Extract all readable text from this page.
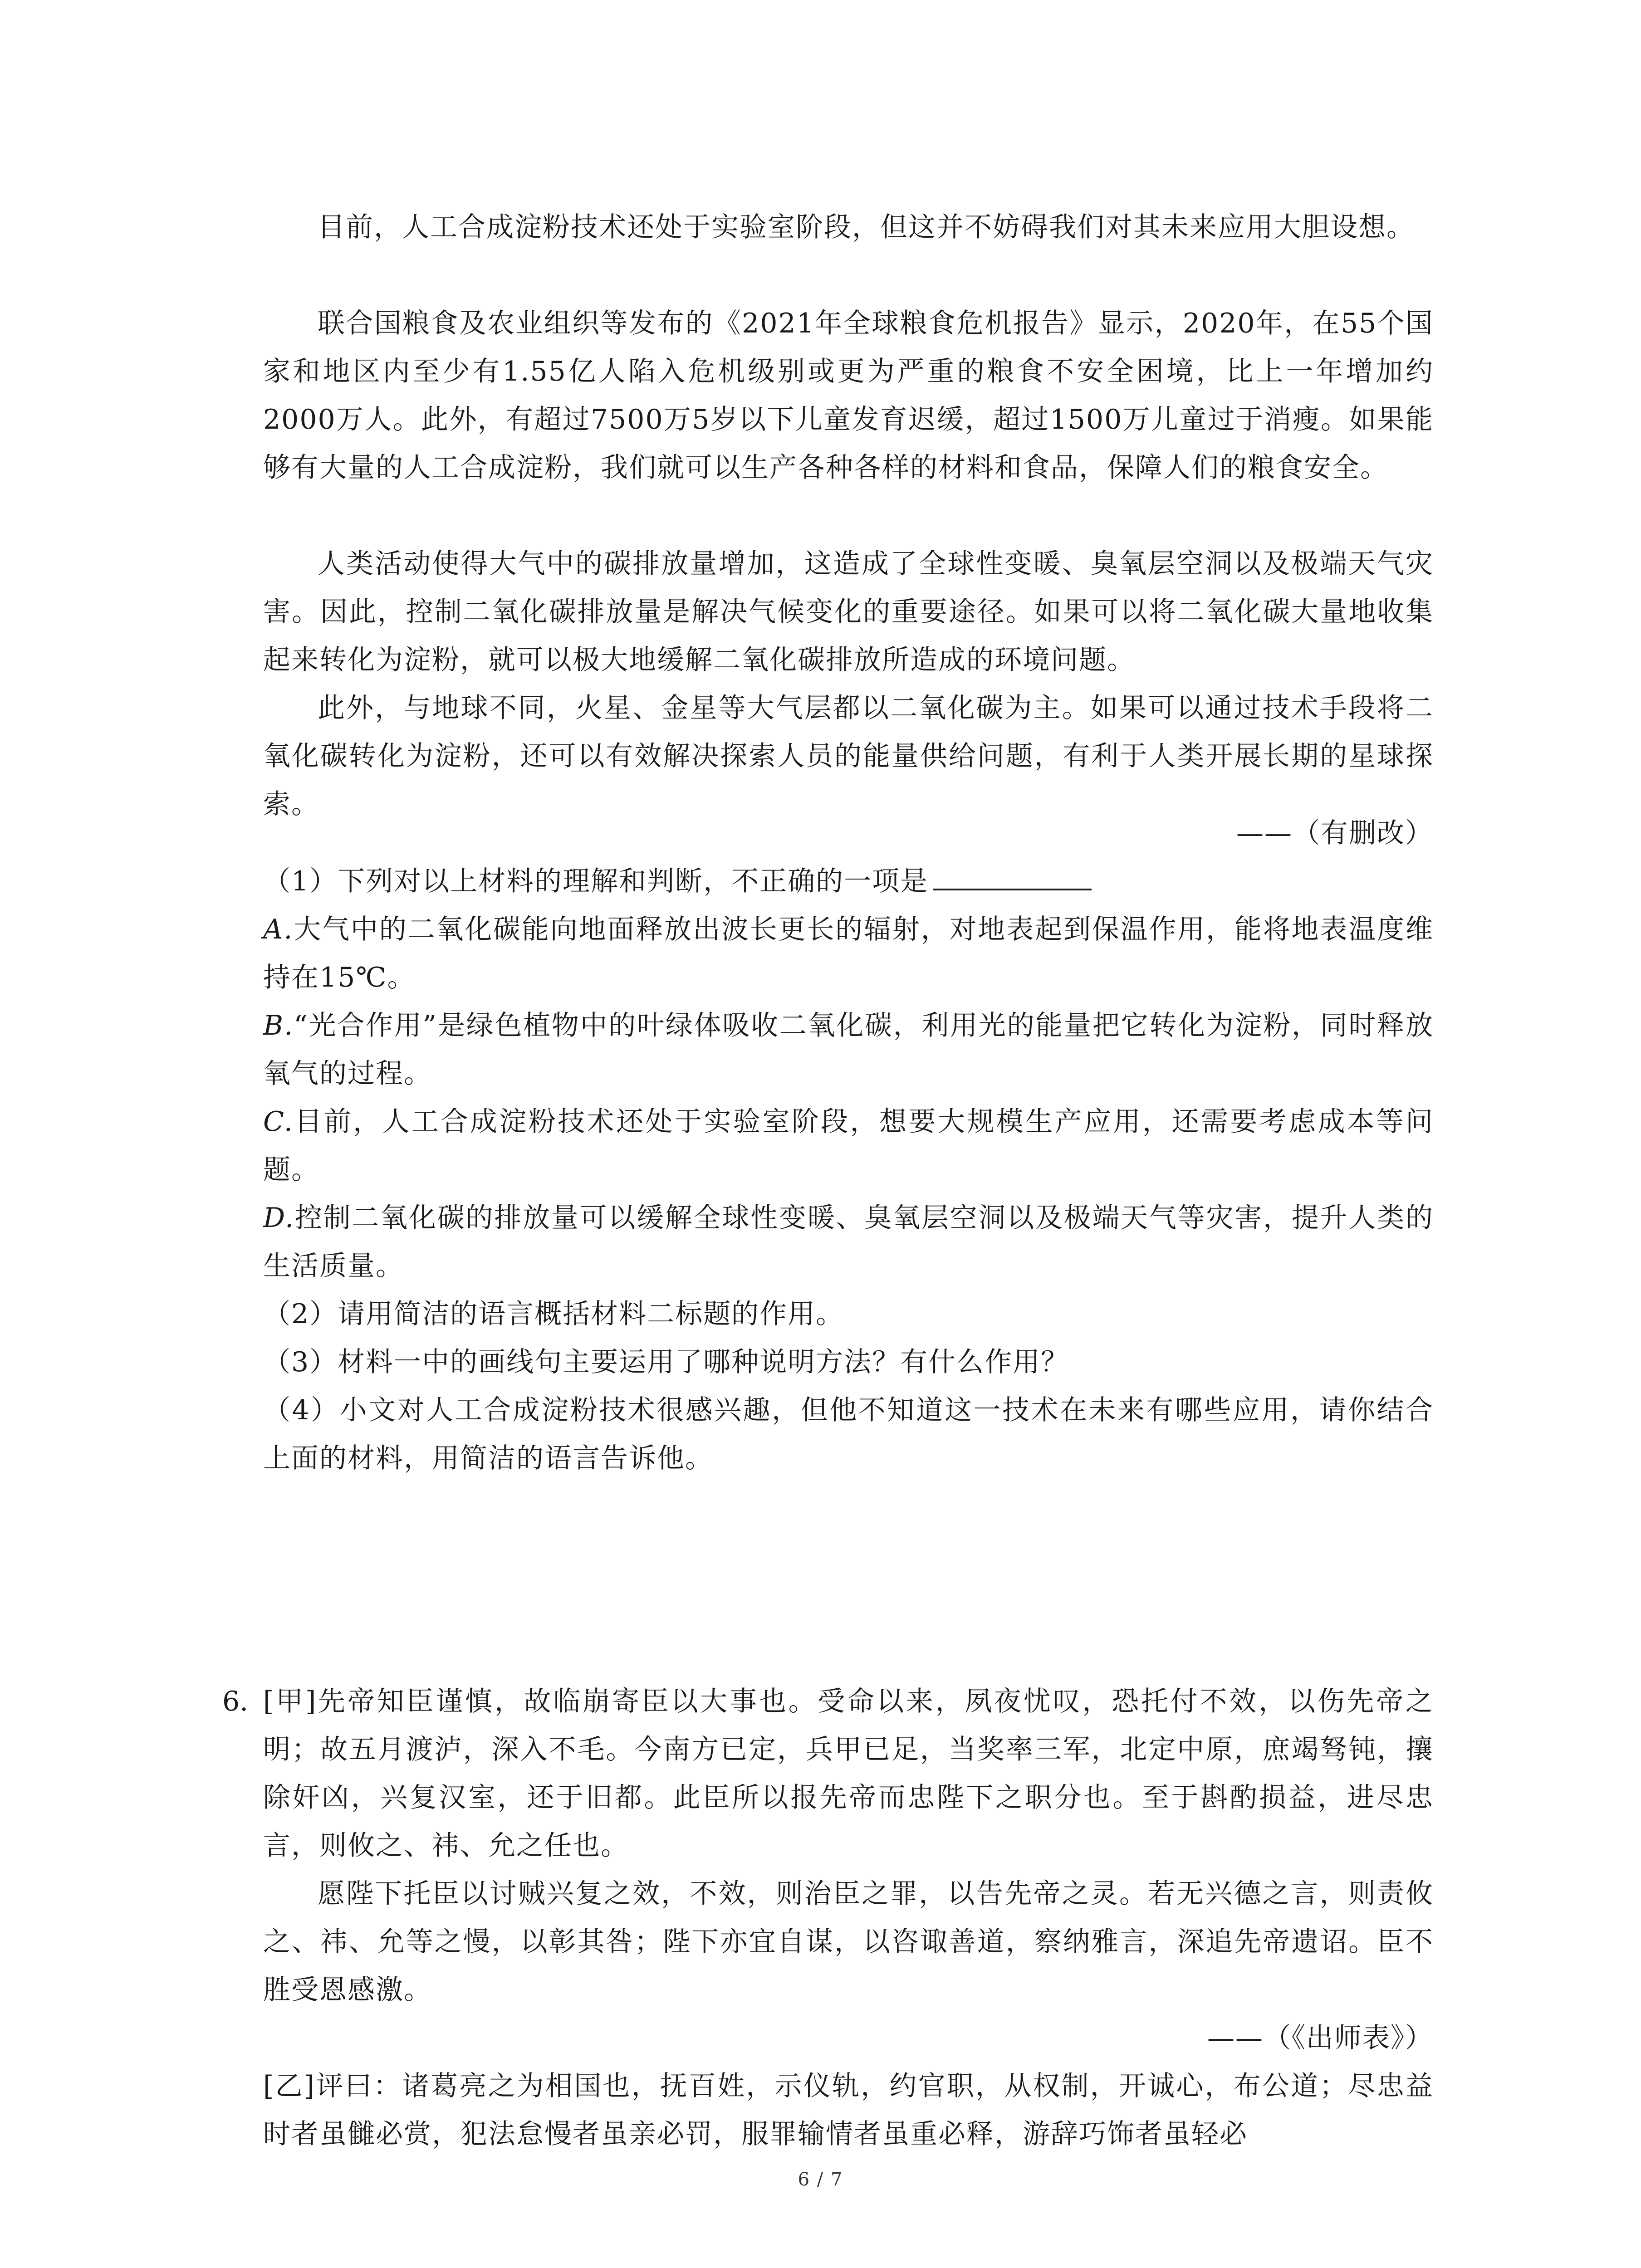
目前，人工合成淀粉技术还处于实验室阶段，但这并不妨碍我们对其未来应用大胆设想。

联合国粮食及农业组织等发布的《2021年全球粮食危机报告》显示，2020年，在55个国家和地区内至少有1.55亿人陷入危机级别或更为严重的粮食不安全困境，比上一年增加约2000万人。此外，有超过7500万5岁以下儿童发育迟缓，超过1500万儿童过于消瘦。如果能够有大量的人工合成淀粉，我们就可以生产各种各样的材料和食品，保障人们的粮食安全。

人类活动使得大气中的碳排放量增加，这造成了全球性变暖、臭氧层空洞以及极端天气灾害。因此，控制二氧化碳排放量是解决气候变化的重要途径。如果可以将二氧化碳大量地收集起来转化为淀粉，就可以极大地缓解二氧化碳排放所造成的环境问题。

此外，与地球不同，火星、金星等大气层都以二氧化碳为主。如果可以通过技术手段将二氧化碳转化为淀粉，还可以有效解决探索人员的能量供给问题，有利于人类开展长期的星球探索。

——（有删改）

（1）下列对以上材料的理解和判断，不正确的一项是

A.大气中的二氧化碳能向地面释放出波长更长的辐射，对地表起到保温作用，能将地表温度维持在15℃。

B.“光合作用”是绿色植物中的叶绿体吸收二氧化碳，利用光的能量把它转化为淀粉，同时释放氧气的过程。

C.目前，人工合成淀粉技术还处于实验室阶段，想要大规模生产应用，还需要考虑成本等问题。

D.控制二氧化碳的排放量可以缓解全球性变暖、臭氧层空洞以及极端天气等灾害，提升人类的生活质量。

（2）请用简洁的语言概括材料二标题的作用。

（3）材料一中的画线句主要运用了哪种说明方法？有什么作用？

（4）小文对人工合成淀粉技术很感兴趣，但他不知道这一技术在未来有哪些应用，请你结合上面的材料，用简洁的语言告诉他。

6. [甲]先帝知臣谨慎，故临崩寄臣以大事也。受命以来，夙夜忧叹，恐托付不效，以伤先帝之明；故五月渡泸，深入不毛。今南方已定，兵甲已足，当奖率三军，北定中原，庶竭驽钝，攘除奸凶，兴复汉室，还于旧都。此臣所以报先帝而忠陛下之职分也。至于斟酌损益，进尽忠言，则攸之、祎、允之任也。

愿陛下托臣以讨贼兴复之效，不效，则治臣之罪，以告先帝之灵。若无兴德之言，则责攸之、祎、允等之慢，以彰其咎；陛下亦宜自谋，以咨诹善道，察纳雅言，深追先帝遗诏。臣不胜受恩感激。

——（《出师表》）

[乙]评曰：诸葛亮之为相国也，抚百姓，示仪轨，约官职，从权制，开诚心，布公道；尽忠益时者虽雠必赏，犯法怠慢者虽亲必罚，服罪输情者虽重必释，游辞巧饰者虽轻必

6 / 7
